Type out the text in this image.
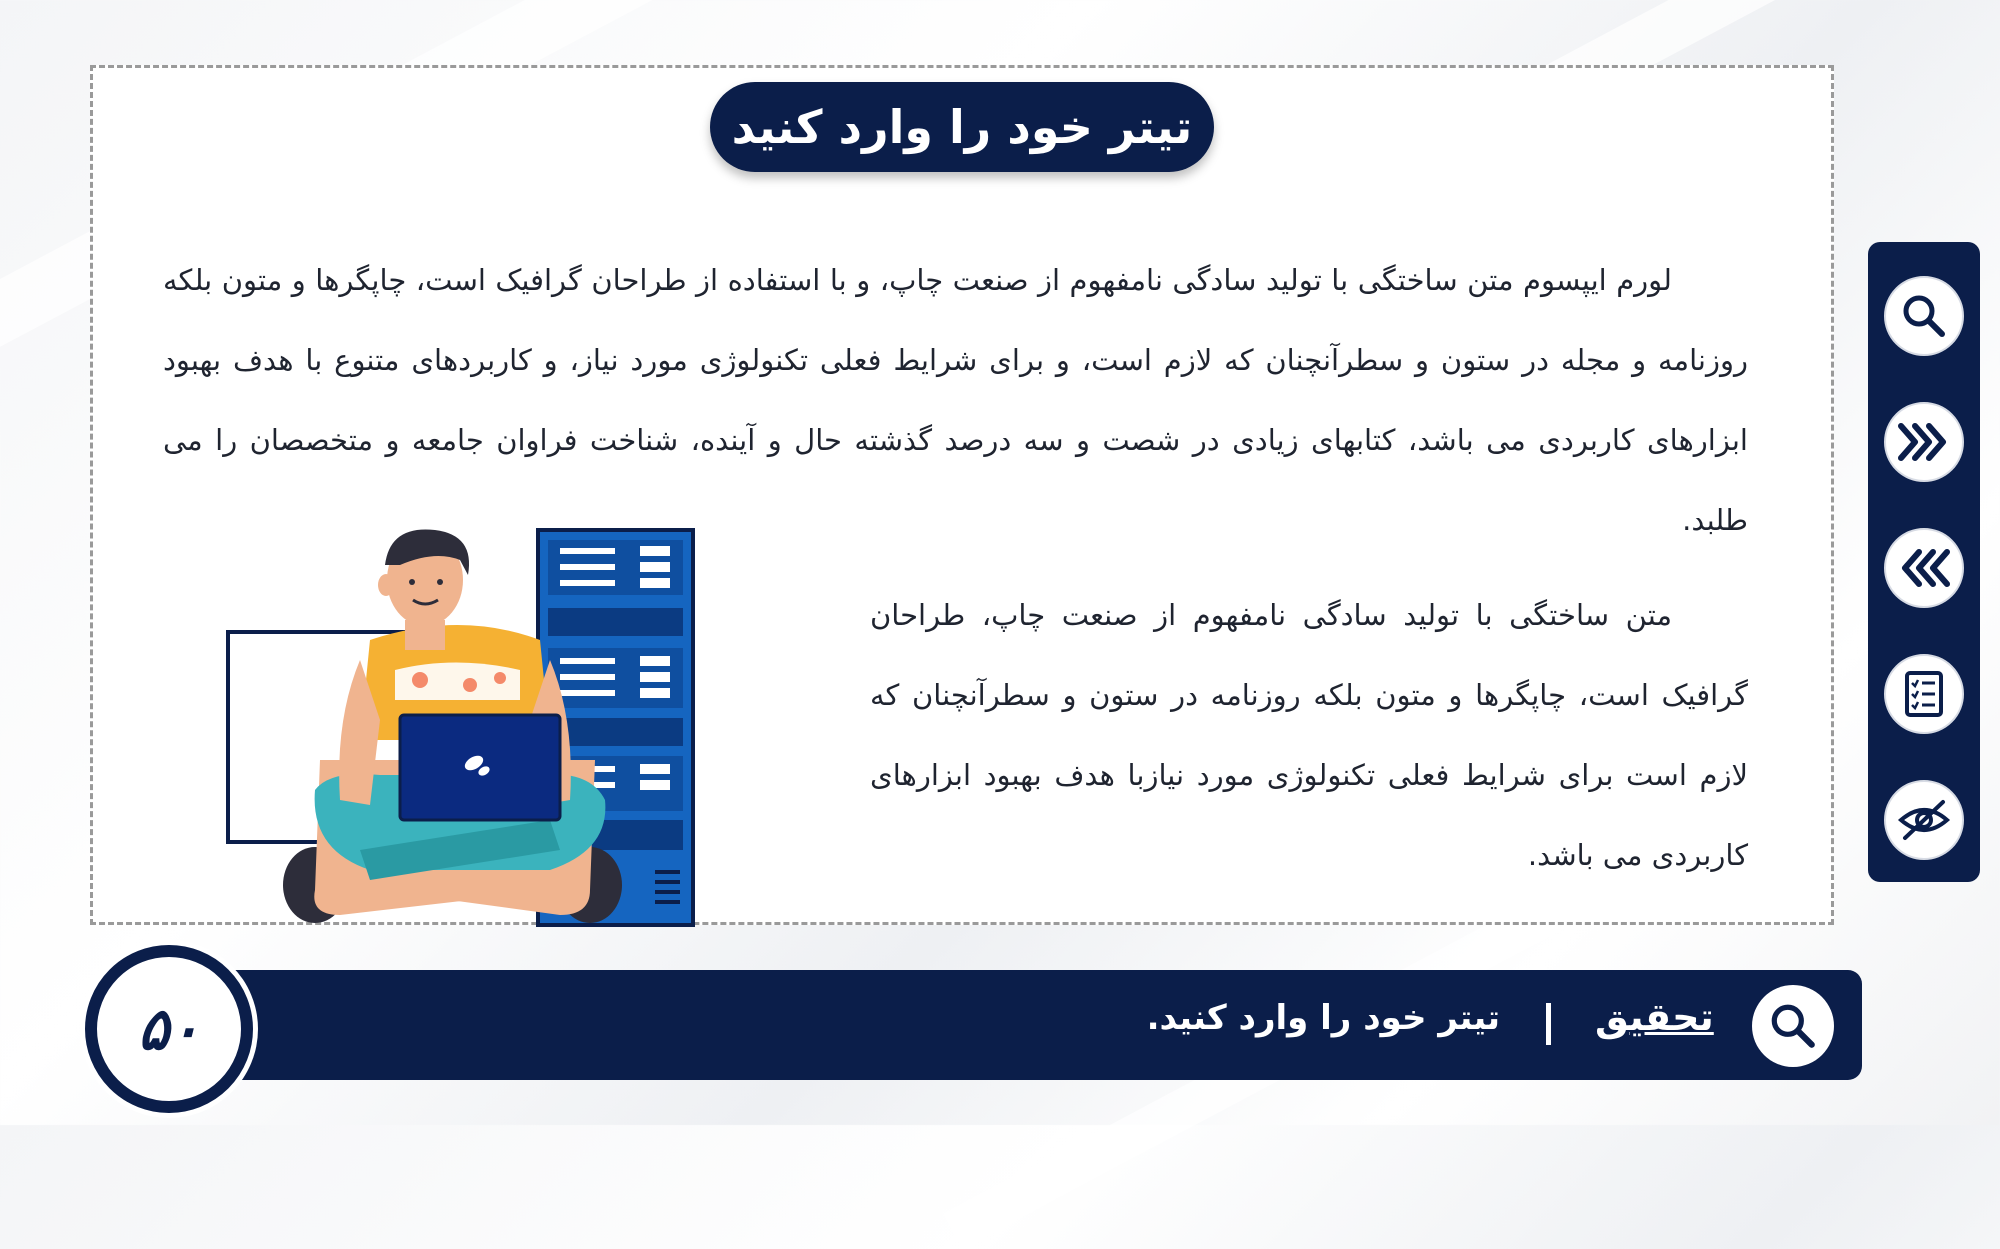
تیتر خود را وارد کنید
لورم ایپسوم متن ساختگی با تولید سادگی نامفهوم از صنعت چاپ، و با استفاده از طراحان گرافیک است، چاپگرها و متون بلکه روزنامه و مجله در ستون و سطرآنچنان که لازم است، و برای شرایط فعلی تکنولوژی مورد نیاز، و کاربردهای متنوع با هدف بهبود ابزارهای کاربردی می باشد، کتابهای زیادی در شصت و سه درصد گذشته حال و آینده، شناخت فراوان جامعه و متخصصان را می طلبد.
متن ساختگی با تولید سادگی نامفهوم از صنعت چاپ، طراحان گرافیک است، چاپگرها و متون بلکه روزنامه در ستون و سطرآنچنان که لازم است برای شرایط فعلی تکنولوژی مورد نیازبا هدف بهبود ابزارهای کاربردی می باشد.
۵۰	تحقیق
تیتر خود را وارد کنید.
